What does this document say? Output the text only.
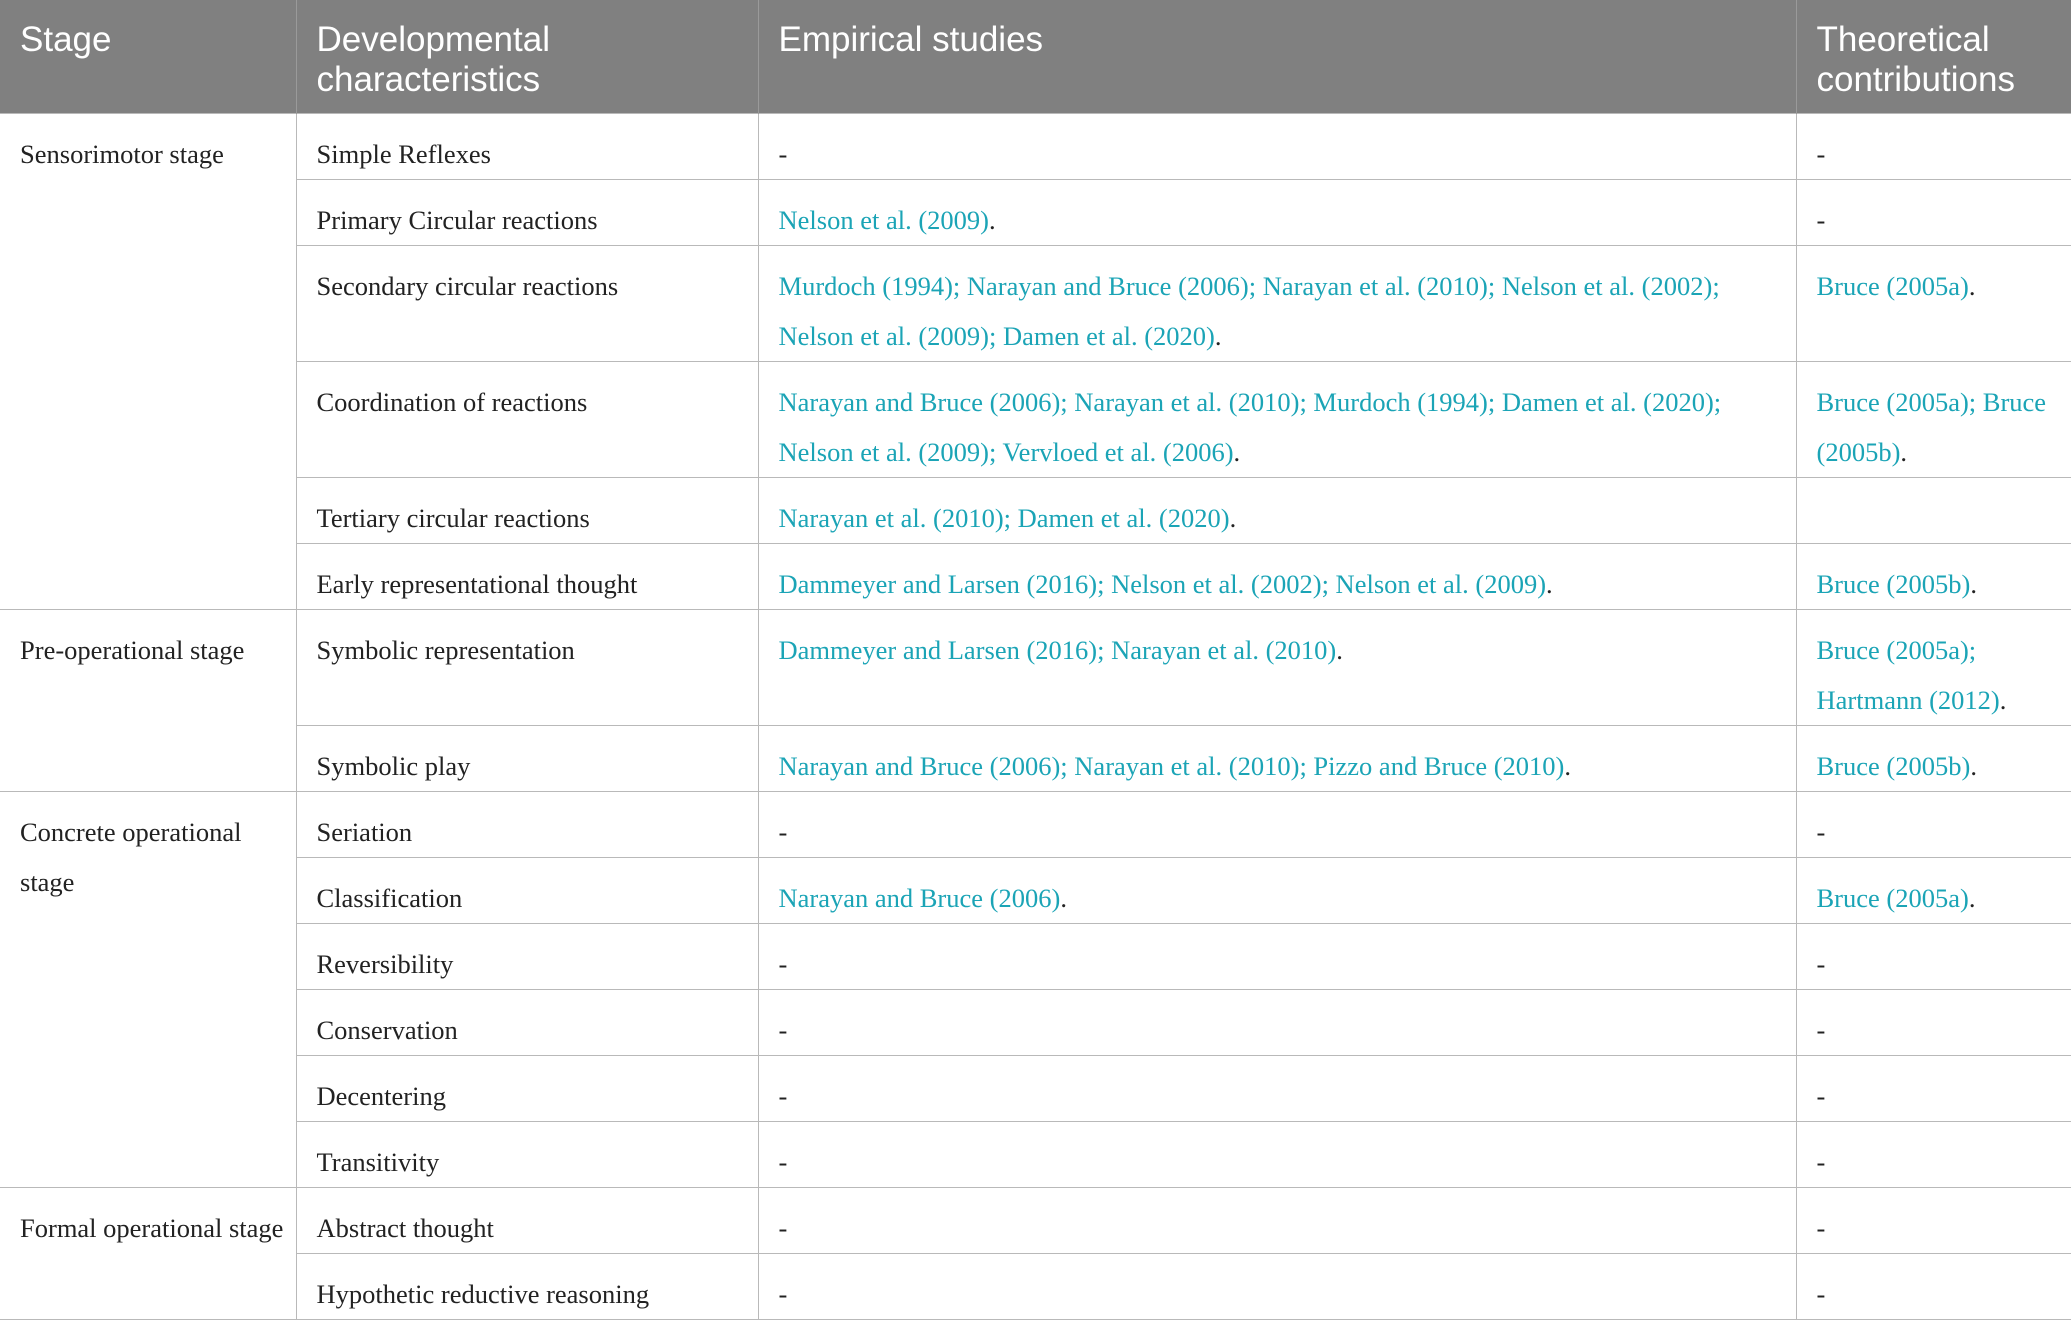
Stage	Developmental characteristics	Empirical studies	Theoretical contributions
Sensorimotor stage	Simple Reflexes	-	-
	Primary Circular reactions	Nelson et al. (2009).	-
	Secondary circular reactions	Murdoch (1994); Narayan and Bruce (2006); Narayan et al. (2010); Nelson et al. (2002); Nelson et al. (2009); Damen et al. (2020).	Bruce (2005a).
	Coordination of reactions	Narayan and Bruce (2006); Narayan et al. (2010); Murdoch (1994); Damen et al. (2020); Nelson et al. (2009); Vervloed et al. (2006).	Bruce (2005a); Bruce (2005b).
	Tertiary circular reactions	Narayan et al. (2010); Damen et al. (2020).	
	Early representational thought	Dammeyer and Larsen (2016); Nelson et al. (2002); Nelson et al. (2009).	Bruce (2005b).
Pre-operational stage	Symbolic representation	Dammeyer and Larsen (2016); Narayan et al. (2010).	Bruce (2005a); Hartmann (2012).
	Symbolic play	Narayan and Bruce (2006); Narayan et al. (2010); Pizzo and Bruce (2010).	Bruce (2005b).
Concrete operational stage	Seriation	-	-
	Classification	Narayan and Bruce (2006).	Bruce (2005a).
	Reversibility	-	-
	Conservation	-	-
	Decentering	-	-
	Transitivity	-	-
Formal operational stage	Abstract thought	-	-
	Hypothetic reductive reasoning	-	-
